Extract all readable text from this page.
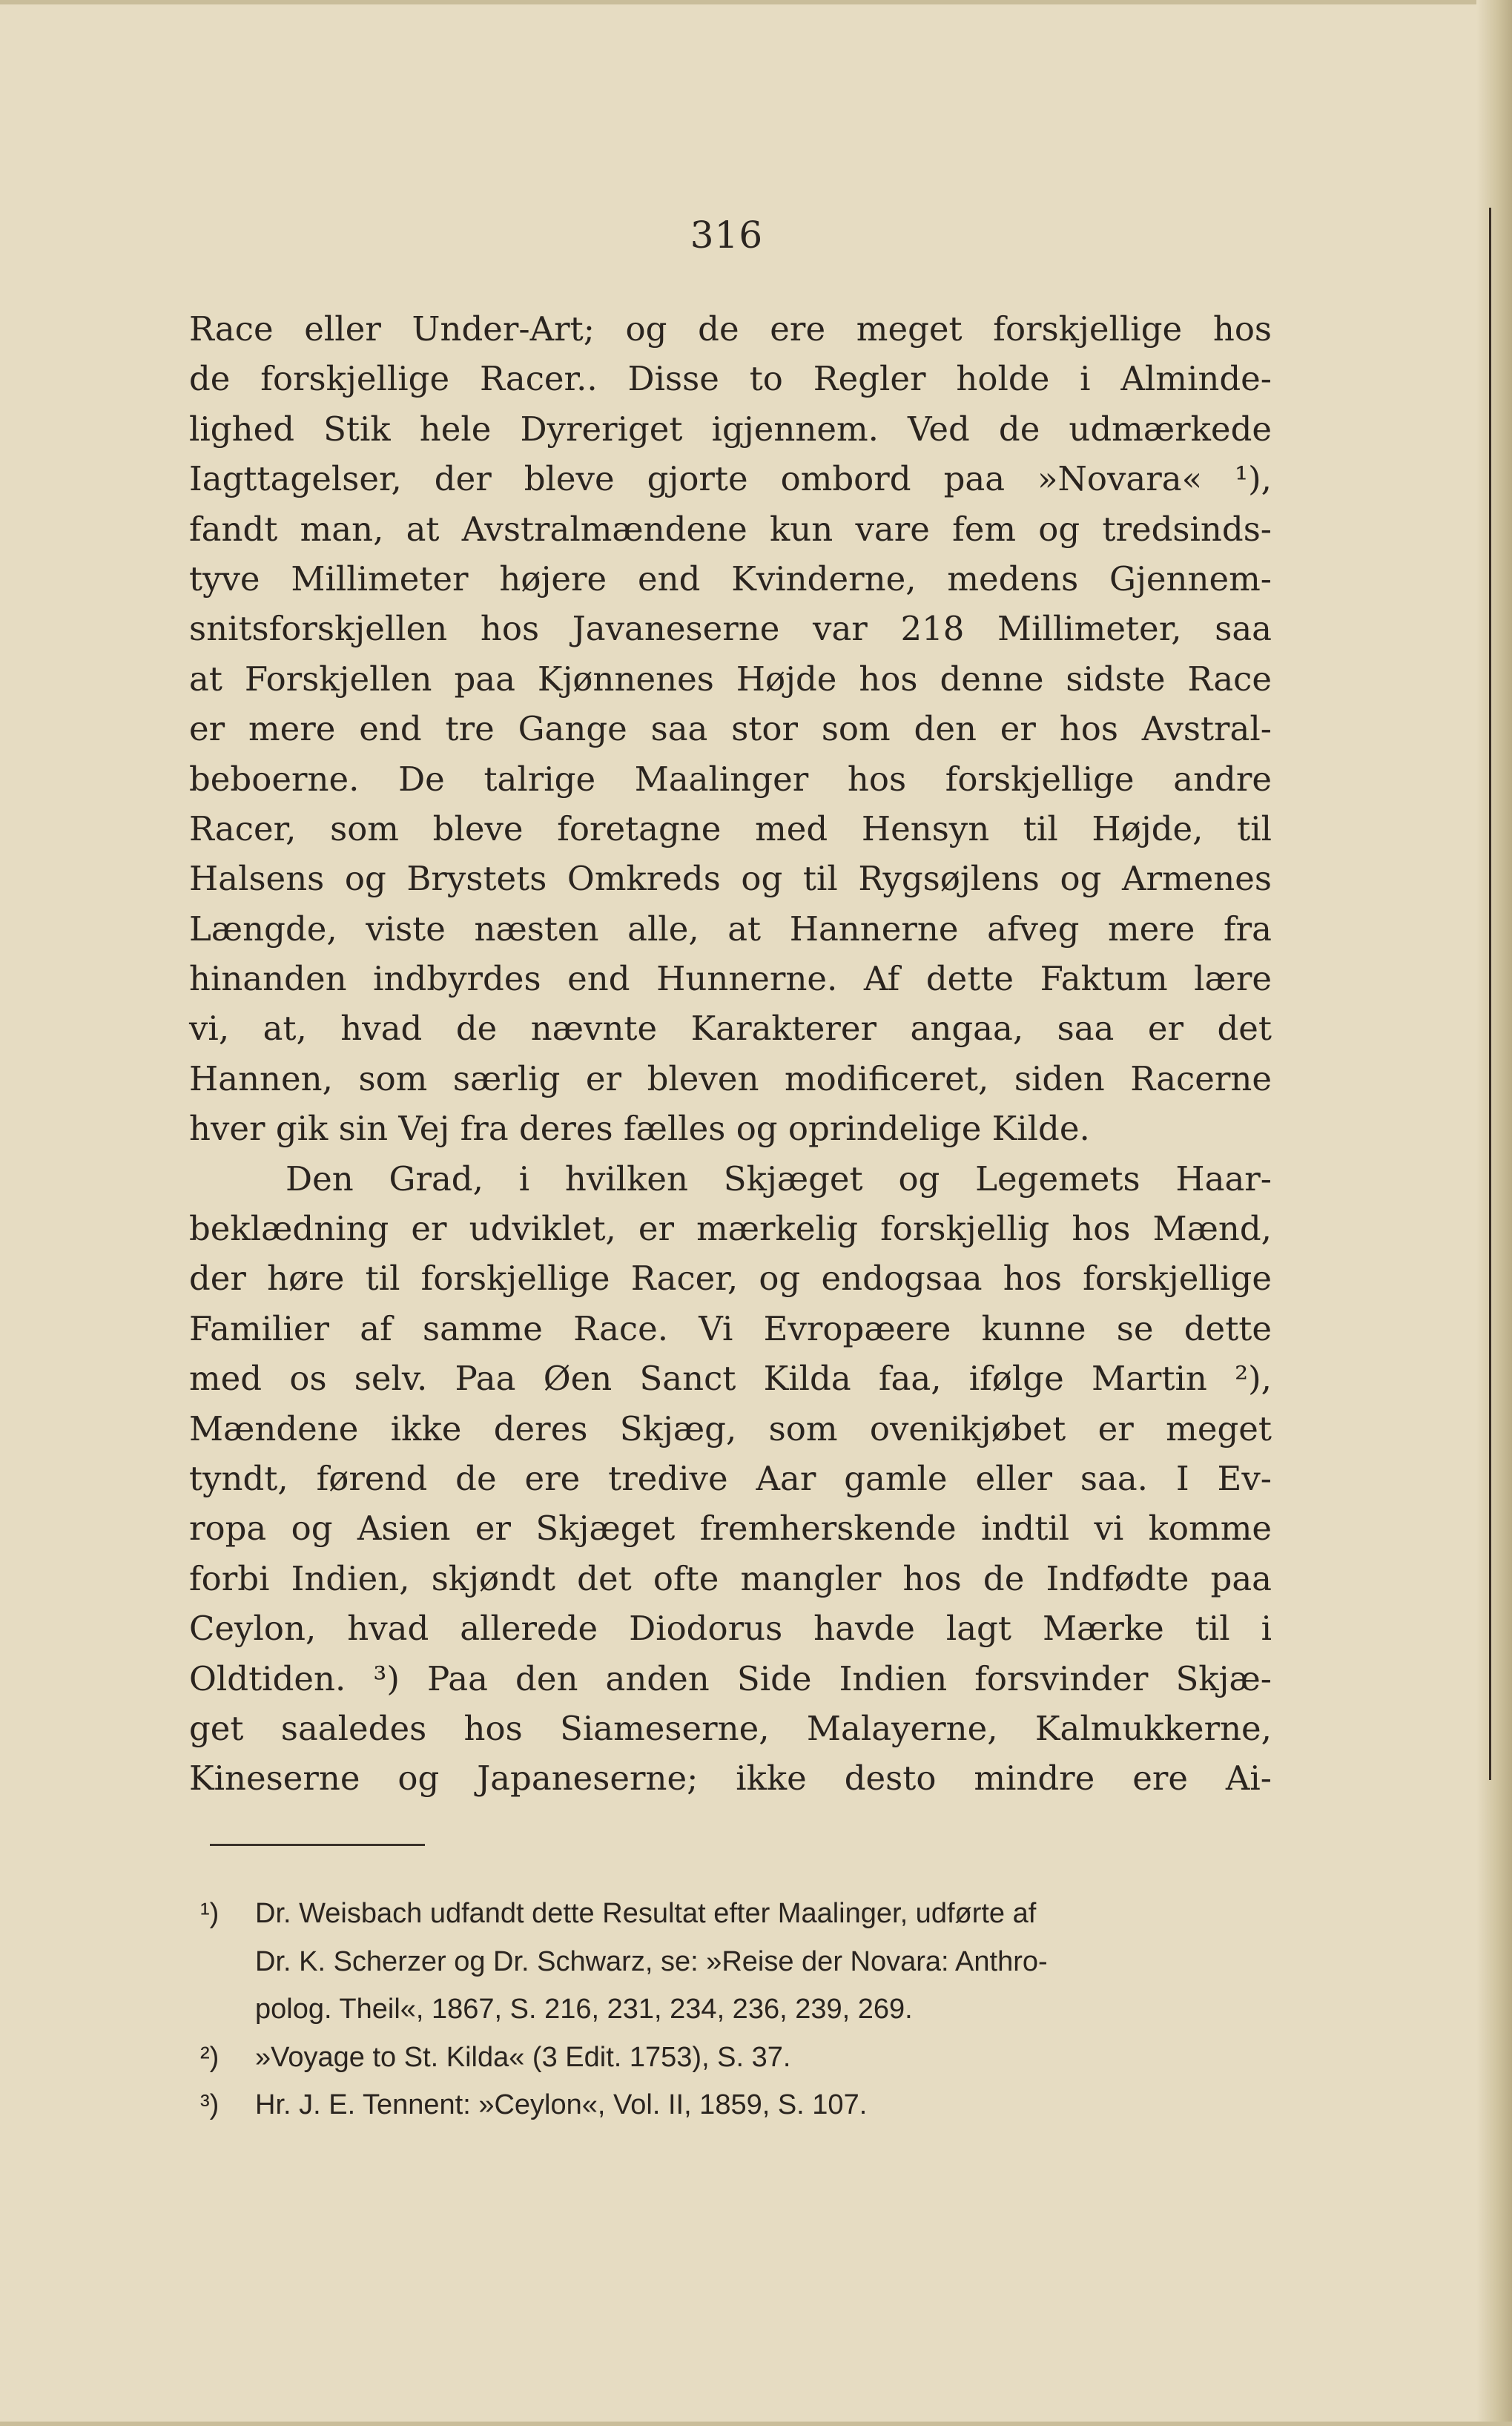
316
Race eller Under-Art; og de ere meget forskjellige hos
de forskjellige Racer.. Disse to Regler holde i Alminde-
lighed Stik hele Dyreriget igjennem. Ved de udmærkede
Iagttagelser, der bleve gjorte ombord paa »Novara« ¹),
fandt man, at Avstralmændene kun vare fem og tredsinds-
tyve Millimeter højere end Kvinderne, medens Gjennem-
snitsforskjellen hos Javaneserne var 218 Millimeter, saa
at Forskjellen paa Kjønnenes Højde hos denne sidste Race
er mere end tre Gange saa stor som den er hos Avstral-
beboerne. De talrige Maalinger hos forskjellige andre
Racer, som bleve foretagne med Hensyn til Højde, til
Halsens og Brystets Omkreds og til Rygsøjlens og Armenes
Længde, viste næsten alle, at Hannerne afveg mere fra
hinanden indbyrdes end Hunnerne. Af dette Faktum lære
vi, at, hvad de nævnte Karakterer angaa, saa er det
Hannen, som særlig er bleven modificeret, siden Racerne
hver gik sin Vej fra deres fælles og oprindelige Kilde.
Den Grad, i hvilken Skjæget og Legemets Haar-
beklædning er udviklet, er mærkelig forskjellig hos Mænd,
der høre til forskjellige Racer, og endogsaa hos forskjellige
Familier af samme Race. Vi Evropæere kunne se dette
med os selv. Paa Øen Sanct Kilda faa, ifølge Martin ²),
Mændene ikke deres Skjæg, som ovenikjøbet er meget
tyndt, førend de ere tredive Aar gamle eller saa. I Ev-
ropa og Asien er Skjæget fremherskende indtil vi komme
forbi Indien, skjøndt det ofte mangler hos de Indfødte paa
Ceylon, hvad allerede Diodorus havde lagt Mærke til i
Oldtiden. ³) Paa den anden Side Indien forsvinder Skjæ-
get saaledes hos Siameserne, Malayerne, Kalmukkerne,
Kineserne og Japaneserne; ikke desto mindre ere Ai-
¹) Dr. Weisbach udfandt dette Resultat efter Maalinger, udførte af
Dr. K. Scherzer og Dr. Schwarz, se: »Reise der Novara: Anthro-
polog. Theil«, 1867, S. 216, 231, 234, 236, 239, 269.
²) »Voyage to St. Kilda« (3 Edit. 1753), S. 37.
³) Hr. J. E. Tennent: »Ceylon«, Vol. II, 1859, S. 107.
